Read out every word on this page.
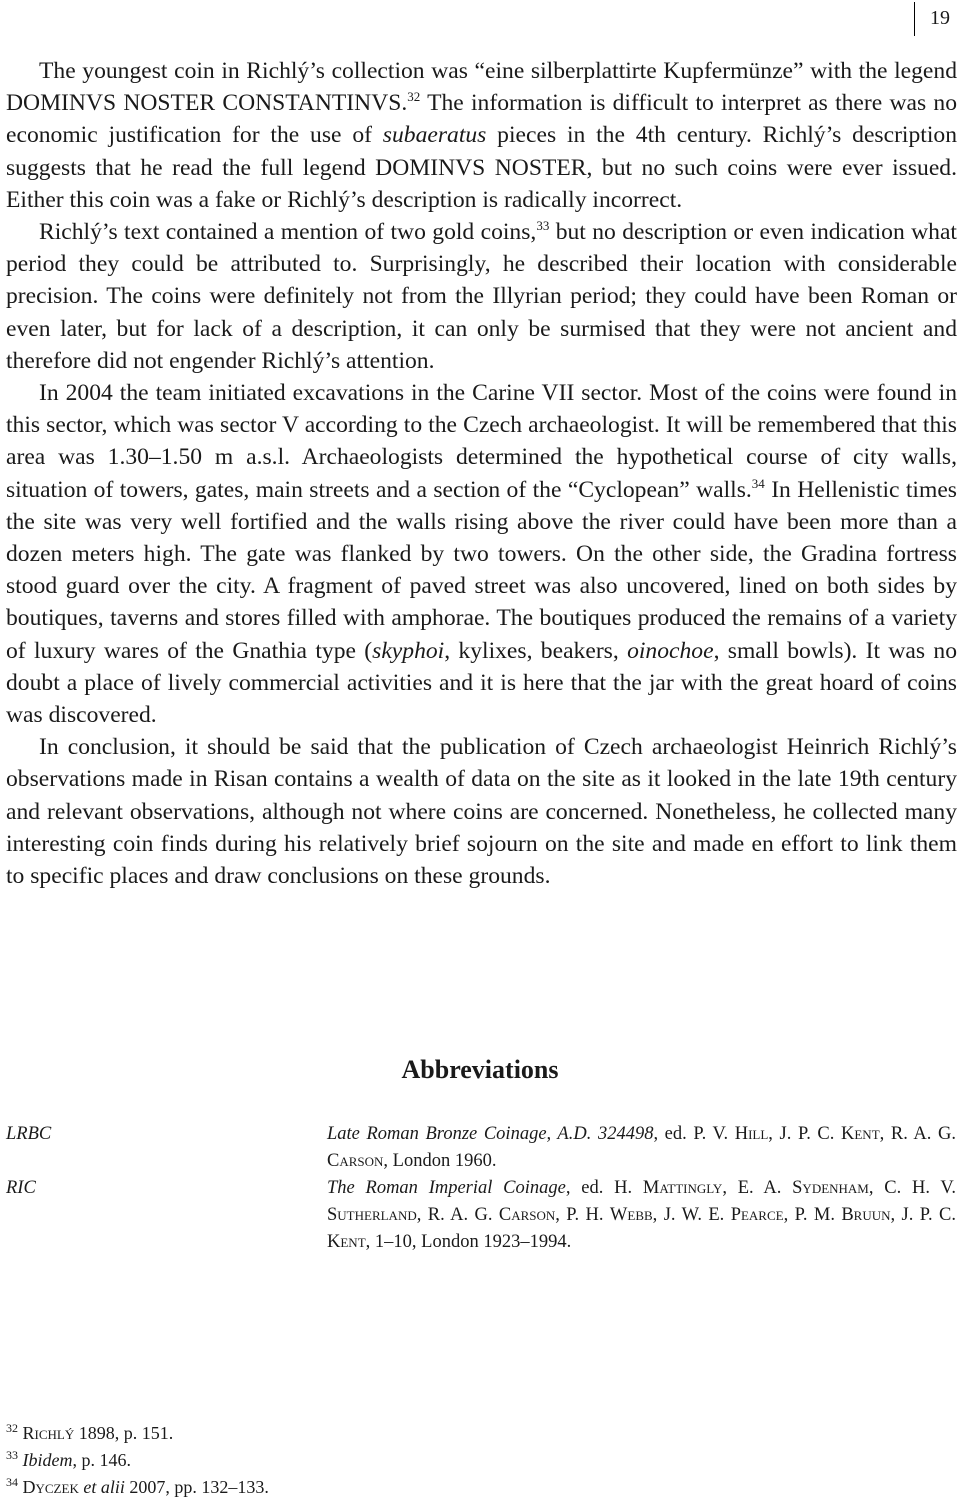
19

The youngest coin in Richlý’s collection was “eine silberplattirte Kupfermünze” with the legend DOMINVS NOSTER CONSTANTINVS.$^{32}$ The information is difficult to interpret as there was no economic justification for the use of subaeratus pieces in the 4th century. Richlý’s description suggests that he read the full legend DOMINVS NOSTER, but no such coins were ever issued. Either this coin was a fake or Richlý’s description is radically incorrect.

Richlý’s text contained a mention of two gold coins,$^{33}$ but no description or even indication what period they could be attributed to. Surprisingly, he described their location with considerable precision. The coins were definitely not from the Illyrian period; they could have been Roman or even later, but for lack of a description, it can only be surmised that they were not ancient and therefore did not engender Richlý’s attention.

In 2004 the team initiated excavations in the Carine VII sector. Most of the coins were found in this sector, which was sector V according to the Czech archaeologist. It will be remembered that this area was 1.30–1.50 m a.s.l. Archaeologists determined the hypothetical course of city walls, situation of towers, gates, main streets and a section of the “Cyclopean” walls.$^{34}$ In Hellenistic times the site was very well fortified and the walls rising above the river could have been more than a dozen meters high. The gate was flanked by two towers. On the other side, the Gradina fortress stood guard over the city. A fragment of paved street was also uncovered, lined on both sides by boutiques, taverns and stores filled with amphorae. The boutiques produced the remains of a variety of luxury wares of the Gnathia type (skyphoi, kylixes, beakers, oinochoe, small bowls). It was no doubt a place of lively commercial activities and it is here that the jar with the great hoard of coins was discovered.

In conclusion, it should be said that the publication of Czech archaeologist Heinrich Richlý’s observations made in Risan contains a wealth of data on the site as it looked in the late 19th century and relevant observations, although not where coins are concerned. Nonetheless, he collected many interesting coin finds during his relatively brief sojourn on the site and made en effort to link them to specific places and draw conclusions on these grounds.

Abbreviations
LRBC	Late Roman Bronze Coinage, A.D. 324498, ed. P. V. Hill, J. P. C. Kent, R. A. G. Carson, London 1960.
RIC	The Roman Imperial Coinage, ed. H. Mattingly, E. A. Sydenham, C. H. V. Sutherland, R. A. G. Carson, P. H. Webb, J. W. E. Pearce, P. M. Bruun, J. P. C. Kent, 1–10, London 1923–1994.
$^{32}$ Richlý 1898, p. 151.
$^{33}$ Ibidem, p. 146.
$^{34}$ Dyczek et alii 2007, pp. 132–133.
